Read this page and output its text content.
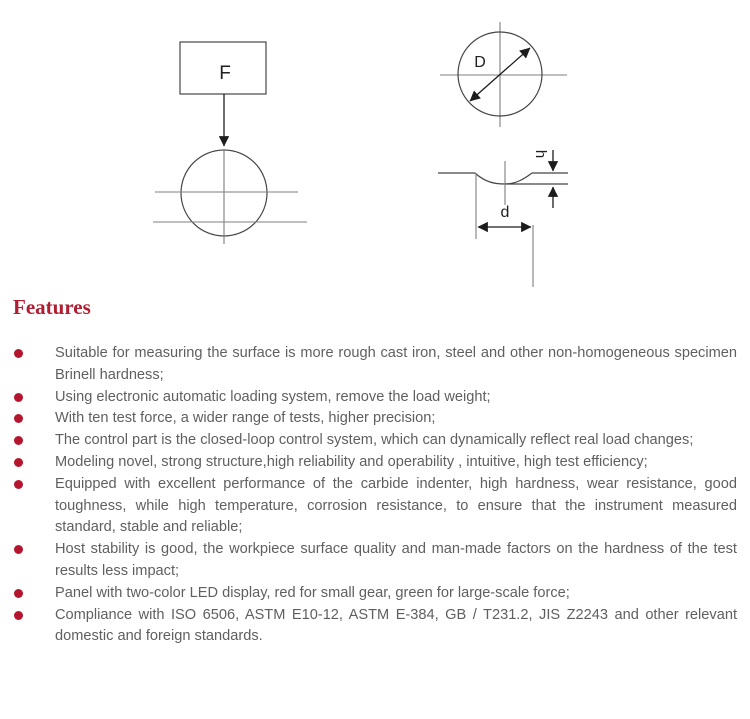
F
D
h
d
Features
Suitable for measuring the surface is more rough cast iron, steel and other non-homogeneous specimen Brinell hardness;
Using electronic automatic loading system, remove the load weight;
With ten test force, a wider range of tests, higher precision;
The control part is the closed-loop control system, which can dynamically reflect real load changes;
Modeling novel, strong structure,high reliability and operability , intuitive, high test efficiency;
Equipped with excellent performance of the carbide indenter, high hardness, wear resistance, good toughness, while high temperature, corrosion resistance, to ensure that the instrument measured standard, stable and reliable;
Host stability is good, the workpiece surface quality and man-made factors on the hardness of the test results less impact;
Panel with two-color LED display, red for small gear, green for large-scale force;
Compliance with ISO 6506, ASTM E10-12, ASTM E-384, GB / T231.2, JIS Z2243 and other relevant domestic and foreign standards.
